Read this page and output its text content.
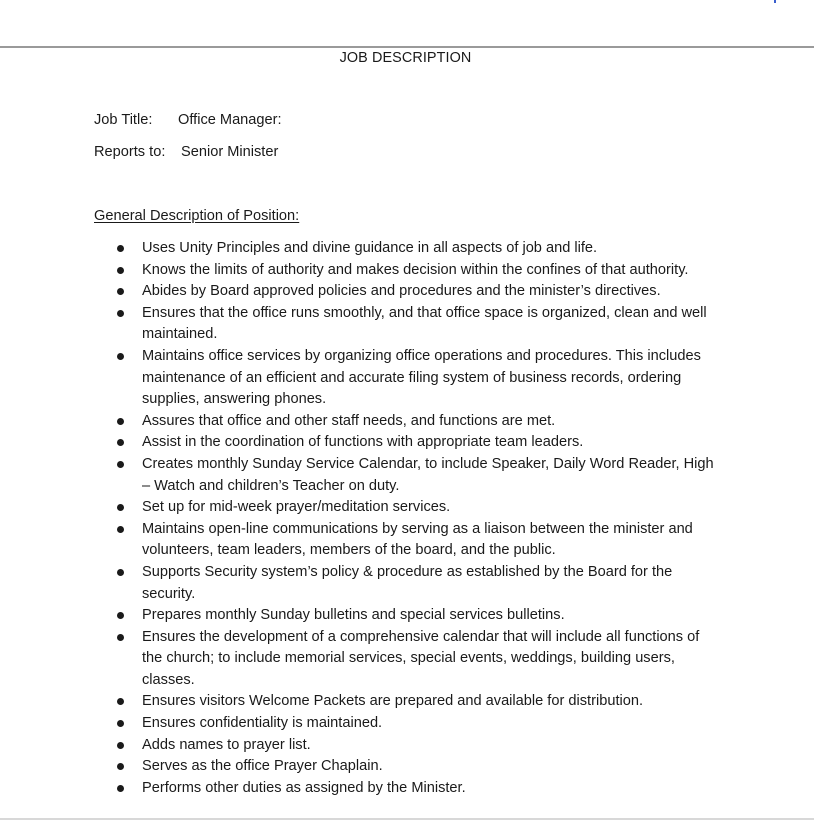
JOB DESCRIPTION
Job Title: Office Manager:
Reports to: Senior Minister
General Description of Position:
Uses Unity Principles and divine guidance in all aspects of job and life.
Knows the limits of authority and makes decision within the confines of that authority.
Abides by Board approved policies and procedures and the minister’s directives.
Ensures that the office runs smoothly, and that office space is organized, clean and well maintained.
Maintains office services by organizing office operations and procedures. This includes maintenance of an efficient and accurate filing system of business records, ordering supplies, answering phones.
Assures that office and other staff needs, and functions are met.
Assist in the coordination of functions with appropriate team leaders.
Creates monthly Sunday Service Calendar, to include Speaker, Daily Word Reader, High – Watch and children’s Teacher on duty.
Set up for mid-week prayer/meditation services.
Maintains open-line communications by serving as a liaison between the minister and volunteers, team leaders, members of the board, and the public.
Supports Security system’s policy & procedure as established by the Board for the security.
Prepares monthly Sunday bulletins and special services bulletins.
Ensures the development of a comprehensive calendar that will include all functions of the church; to include memorial services, special events, weddings, building users, classes.
Ensures visitors Welcome Packets are prepared and available for distribution.
Ensures confidentiality is maintained.
Adds names to prayer list.
Serves as the office Prayer Chaplain.
Performs other duties as assigned by the Minister.
